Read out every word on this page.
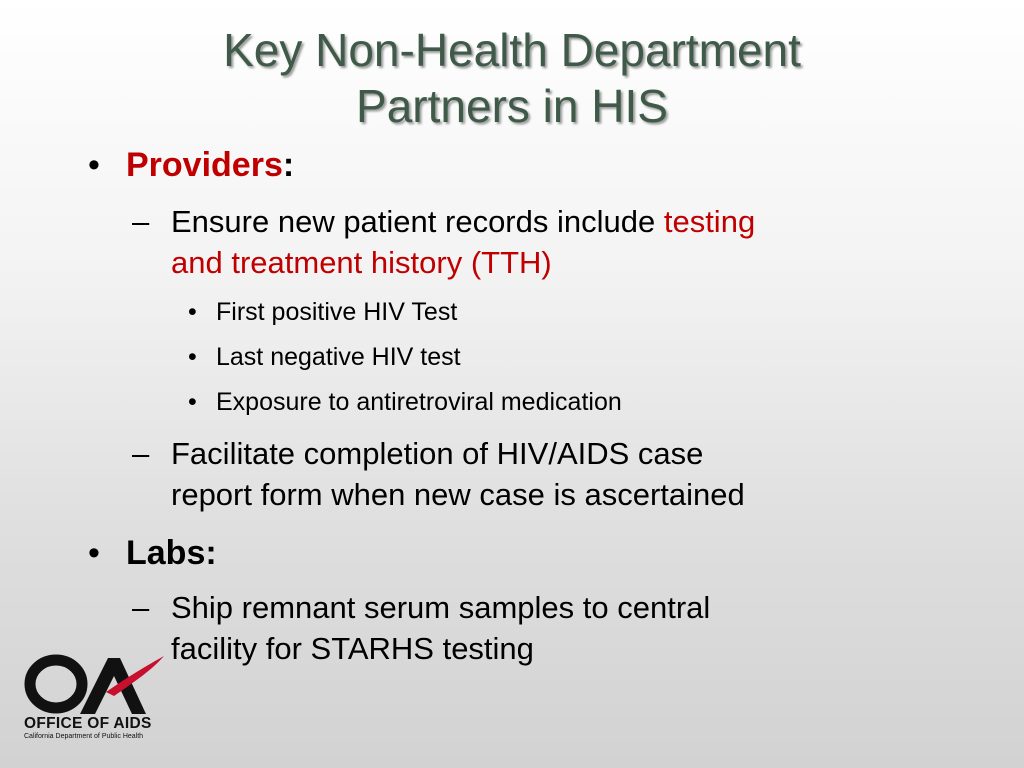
Key Non-Health Department
Partners in HIS
• Providers:
– Ensure new patient records include testing
and treatment history (TTH)
• First positive HIV Test
• Last negative HIV test
• Exposure to antiretroviral medication
– Facilitate completion of HIV/AIDS case
report form when new case is ascertained
• Labs:
– Ship remnant serum samples to central
facility for STARHS testing
OFFICE OF AIDS
California Department of Public Health
